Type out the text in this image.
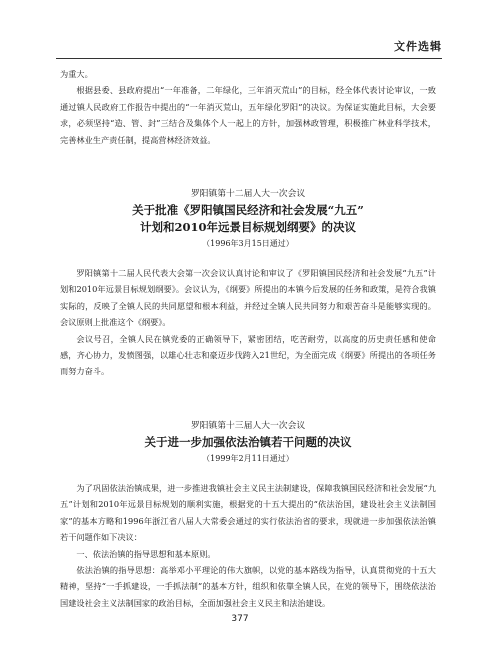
文件选辑

为重大。

根据县委、县政府提出“一年准备，二年绿化，三年消灭荒山”的目标，经全体代表讨论审议，一致通过镇人民政府工作报告中提出的“一年消灭荒山，五年绿化罗阳”的决议。为保证实施此目标，大会要求，必须坚持“造、管、封”三结合及集体个人一起上的方针，加强林政管理，积极推广林业科学技术，完善林业生产责任制，提高营林经济效益。

罗阳镇第十二届人大一次会议
关于批准《罗阳镇国民经济和社会发展“九五”
计划和2010年远景目标规划纲要》的决议
（1996年3月15日通过）

罗阳镇第十二届人民代表大会第一次会议认真讨论和审议了《罗阳镇国民经济和社会发展“九五”计划和2010年远景目标规划纲要》。会议认为，《纲要》所提出的本镇今后发展的任务和政策，是符合我镇实际的，反映了全镇人民的共同愿望和根本利益，并经过全镇人民共同努力和艰苦奋斗是能够实现的。会议原则上批准这个《纲要》。

会议号召，全镇人民在镇党委的正确领导下，紧密团结，吃苦耐劳，以高度的历史责任感和使命感，齐心协力，发愤图强，以雄心壮志和豪迈步伐跨入21世纪，为全面完成《纲要》所提出的各项任务而努力奋斗。

罗阳镇第十三届人大一次会议
关于进一步加强依法治镇若干问题的决议
（1999年2月11日通过）

为了巩固依法治镇成果，进一步推进我镇社会主义民主法制建设，保障我镇国民经济和社会发展“九五”计划和2010年远景目标规划的顺利实施，根据党的十五大提出的“依法治国，建设社会主义法制国家”的基本方略和1996年浙江省八届人大常委会通过的实行依法治省的要求，现就进一步加强依法治镇若干问题作如下决议：

一、依法治镇的指导思想和基本原则。

依法治镇的指导思想：高举邓小平理论的伟大旗帜，以党的基本路线为指导，认真贯彻党的十五大精神，坚持“一手抓建设，一手抓法制”的基本方针，组织和依靠全镇人民，在党的领导下，围绕依法治国建设社会主义法制国家的政治目标，全面加强社会主义民主和法治建设。

377
